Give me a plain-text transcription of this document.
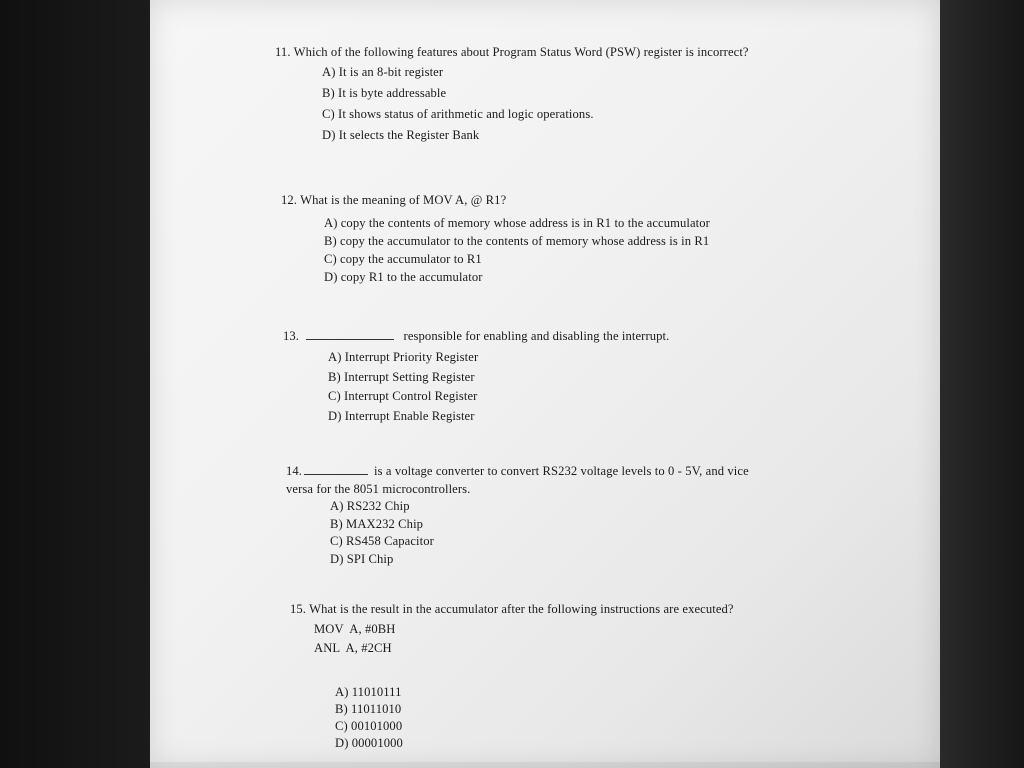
11. Which of the following features about Program Status Word (PSW) register is incorrect?
A) It is an 8-bit register
B) It is byte addressable
C) It shows status of arithmetic and logic operations.
D) It selects the Register Bank
12. What is the meaning of MOV A, @ R1?
A) copy the contents of memory whose address is in R1 to the accumulator
B) copy the accumulator to the contents of memory whose address is in R1
C) copy the accumulator to R1
D) copy R1 to the accumulator
13.	responsible for enabling and disabling the interrupt.
A) Interrupt Priority Register
B) Interrupt Setting Register
C) Interrupt Control Register
D) Interrupt Enable Register
14.	is a voltage converter to convert RS232 voltage levels to 0 - 5V, and vice
versa for the 8051 microcontrollers.
A) RS232 Chip
B) MAX232 Chip
C) RS458 Capacitor
D) SPI Chip
15. What is the result in the accumulator after the following instructions are executed?
MOV  A, #0BH
ANL  A, #2CH
A) 11010111
B) 11011010
C) 00101000
D) 00001000
